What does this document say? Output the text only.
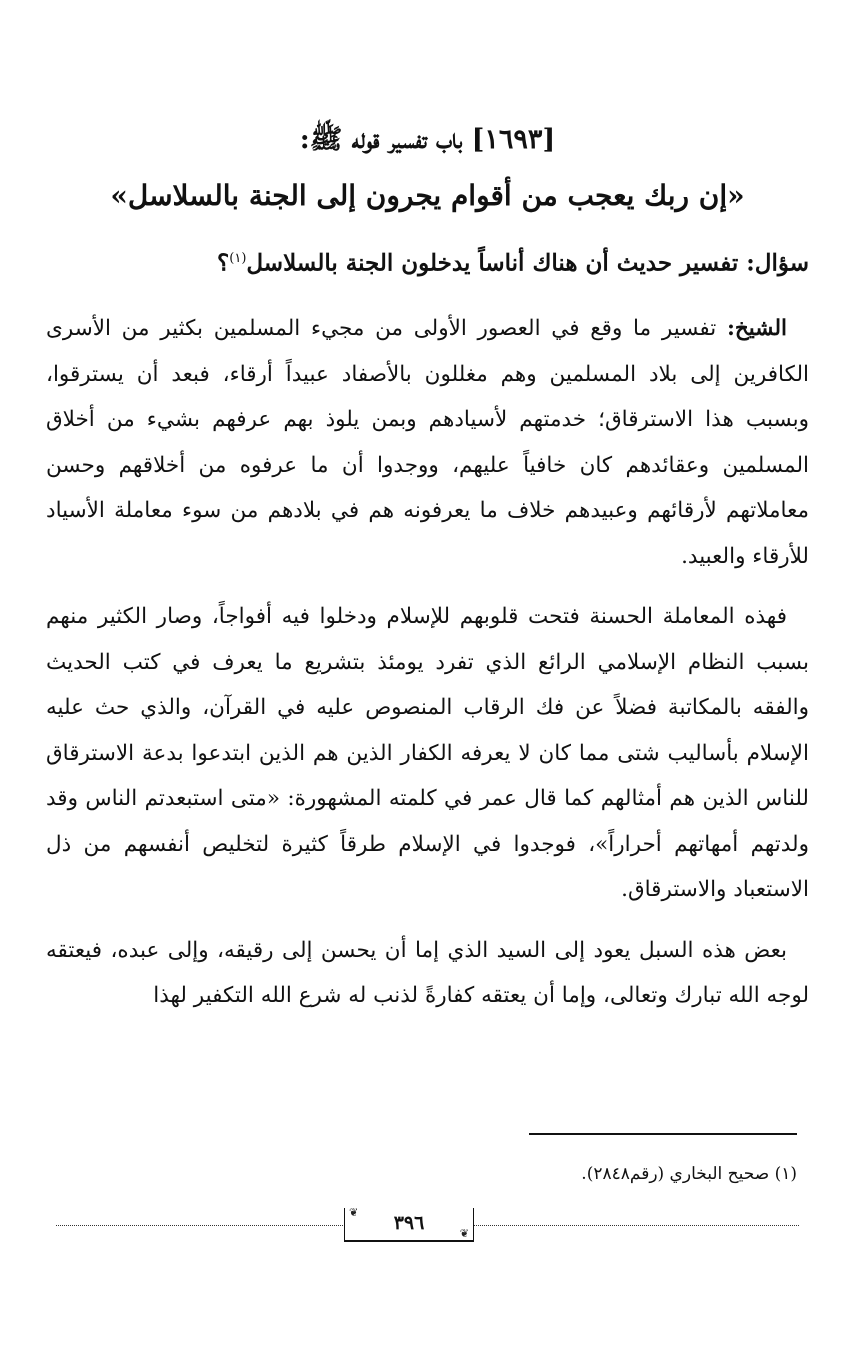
[١٦٩٣] باب تفسير قوله ﷺ:
«إن ربك يعجب من أقوام يجرون إلى الجنة بالسلاسل»
سؤال: تفسير حديث أن هناك أناساً يدخلون الجنة بالسلاسل$^{(١)}$؟

الشيخ: تفسير ما وقع في العصور الأولى من مجيء المسلمين بكثير من الأسرى الكافرين إلى بلاد المسلمين وهم مغللون بالأصفاد عبيداً أرقاء، فبعد أن يسترقوا، وبسبب هذا الاسترقاق؛ خدمتهم لأسيادهم وبمن يلوذ بهم عرفهم بشيء من أخلاق المسلمين وعقائدهم كان خافياً عليهم، ووجدوا أن ما عرفوه من أخلاقهم وحسن معاملاتهم لأرقائهم وعبيدهم خلاف ما يعرفونه هم في بلادهم من سوء معاملة الأسياد للأرقاء والعبيد.

فهذه المعاملة الحسنة فتحت قلوبهم للإسلام ودخلوا فيه أفواجاً، وصار الكثير منهم بسبب النظام الإسلامي الرائع الذي تفرد يومئذ بتشريع ما يعرف في كتب الحديث والفقه بالمكاتبة فضلاً عن فك الرقاب المنصوص عليه في القرآن، والذي حث عليه الإسلام بأساليب شتى مما كان لا يعرفه الكفار الذين هم الذين ابتدعوا بدعة الاسترقاق للناس الذين هم أمثالهم كما قال عمر في كلمته المشهورة: «متى استبعدتم الناس وقد ولدتهم أمهاتهم أحراراً»، فوجدوا في الإسلام طرقاً كثيرة لتخليص أنفسهم من ذل الاستعباد والاسترقاق.

بعض هذه السبل يعود إلى السيد الذي إما أن يحسن إلى رقيقه، وإلى عبده، فيعتقه لوجه الله تبارك وتعالى، وإما أن يعتقه كفارةً لذنب له شرع الله التكفير لهذا

(١) صحيح البخاري (رقم٢٨٤٨).
❦ ٣٩٦	❦
